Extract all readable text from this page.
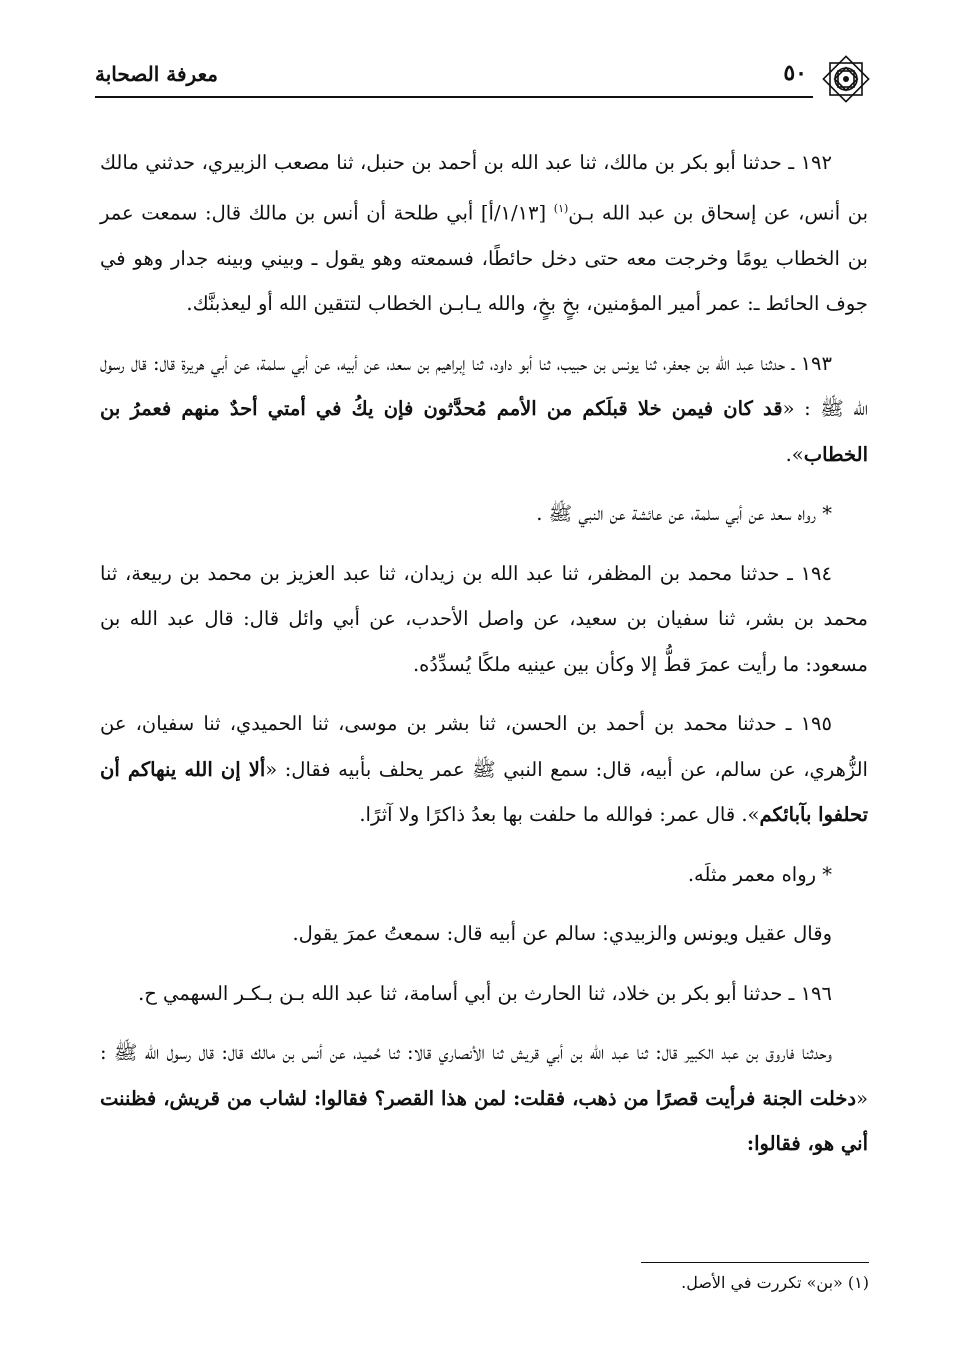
معرفة الصحابة	٥٠

١٩٢ ـ حدثنا أبو بكر بن مالك، ثنا عبد الله بن أحمد بن حنبل، ثنا مصعب الزبيري، حدثني مالك بن أنس، عن إسحاق بن عبد الله بـن$^{(١)}$ [١/١٣/أ] أبي طلحة أن أنس بن مالك قال: سمعت عمر بن الخطاب يومًا وخرجت معه حتى دخل حائطًا، فسمعته وهو يقول ـ وبيني وبينه جدار وهو في جوف الحائط ـ: عمر أمير المؤمنين، بخٍ بخٍ، والله يـابـن الخطاب لتتقين الله أو ليعذبنَّك.

١٩٣ ـ حدثنا عبد الله بن جعفر، ثنا يونس بن حبيب، ثنا أبو داود، ثنا إبراهيم بن سعد، عن أبيه، عن أبي سلمة، عن أبي هريرة قال: قال رسول الله ﷺ : «قد كان فيمن خلا قبلَكم من الأمم مُحدَّثون فإن يكُ في أمتي أحدٌ منهم فعمرُ بن الخطاب».

* رواه سعد عن أبي سلمة، عن عائشة عن النبي ﷺ .

١٩٤ ـ حدثنا محمد بن المظفر، ثنا عبد الله بن زيدان، ثنا عبد العزيز بن محمد بن ربيعة، ثنا محمد بن بشر، ثنا سفيان بن سعيد، عن واصل الأحدب، عن أبي وائل قال: قال عبد الله بن مسعود: ما رأيت عمرَ قطُّ إلا وكأن بين عينيه ملكًا يُسدِّدُه.

١٩٥ ـ حدثنا محمد بن أحمد بن الحسن، ثنا بشر بن موسى، ثنا الحميدي، ثنا سفيان، عن الزُّهري، عن سالم، عن أبيه، قال: سمع النبي ﷺ عمر يحلف بأبيه فقال: «ألا إن الله ينهاكم أن تحلفوا بآبائكم». قال عمر: فوالله ما حلفت بها بعدُ ذاكرًا ولا آثرًا.

* رواه معمر مثلَه.

وقال عقيل ويونس والزبيدي: سالم عن أبيه قال: سمعتُ عمرَ يقول.

١٩٦ ـ حدثنا أبو بكر بن خلاد، ثنا الحارث بن أبي أسامة، ثنا عبد الله بـن بـكـر السهمي ح.

وحدثنا فاروق بن عبد الكبير قال: ثنا عبد الله بن أبي قريش ثنا الأنصاري قالا: ثنا حُميد، عن أنس بن مالك قال: قال رسول الله ﷺ : «دخلت الجنة فرأيت قصرًا من ذهب، فقلت: لمن هذا القصر؟ فقالوا: لشاب من قريش، فظننت أني هو، فقالوا:

(١) «بن» تكررت في الأصل.
